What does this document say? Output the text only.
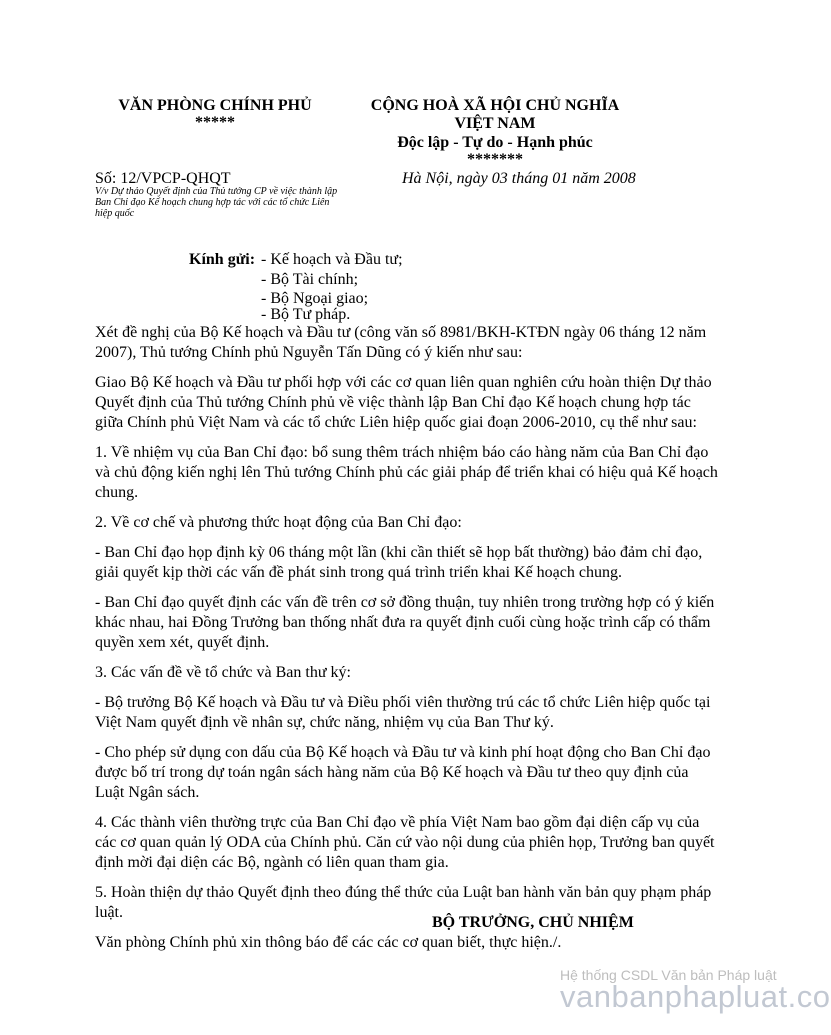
VĂN PHÒNG CHÍNH PHỦ
*****
CỘNG HOÀ XÃ HỘI CHỦ NGHĨA
VIỆT NAM
Độc lập - Tự do - Hạnh phúc
*******
Số: 12/VPCP-QHQT	Hà Nội, ngày 03 tháng 01 năm 2008
V/v Dự thảo Quyết định của Thủ tướng CP về việc thành lập Ban Chỉ đạo Kế hoạch chung hợp tác với các tổ chức Liên hiệp quốc
Kính gửi: - Kế hoạch và Đầu tư;
- Bộ Tài chính;
- Bộ Ngoại giao;
- Bộ Tư pháp.

Xét đề nghị của Bộ Kế hoạch và Đầu tư (công văn số 8981/BKH-KTĐN ngày 06 tháng 12 năm 2007), Thủ tướng Chính phủ Nguyễn Tấn Dũng có ý kiến như sau:

Giao Bộ Kế hoạch và Đầu tư phối hợp với các cơ quan liên quan nghiên cứu hoàn thiện Dự thảo Quyết định của Thủ tướng Chính phủ về việc thành lập Ban Chỉ đạo Kế hoạch chung hợp tác giữa Chính phủ Việt Nam và các tổ chức Liên hiệp quốc giai đoạn 2006-2010, cụ thể như sau:

1. Về nhiệm vụ của Ban Chỉ đạo: bổ sung thêm trách nhiệm báo cáo hàng năm của Ban Chỉ đạo và chủ động kiến nghị lên Thủ tướng Chính phủ các giải pháp để triển khai có hiệu quả Kế hoạch chung.

2. Về cơ chế và phương thức hoạt động của Ban Chỉ đạo:

- Ban Chỉ đạo họp định kỳ 06 tháng một lần (khi cần thiết sẽ họp bất thường) bảo đảm chỉ đạo, giải quyết kịp thời các vấn đề phát sinh trong quá trình triển khai Kế hoạch chung.

- Ban Chỉ đạo quyết định các vấn đề trên cơ sở đồng thuận, tuy nhiên trong trường hợp có ý kiến khác nhau, hai Đồng Trưởng ban thống nhất đưa ra quyết định cuối cùng hoặc trình cấp có thẩm quyền xem xét, quyết định.

3. Các vấn đề về tổ chức và Ban thư ký:

- Bộ trưởng Bộ Kế hoạch và Đầu tư và Điều phối viên thường trú các tổ chức Liên hiệp quốc tại Việt Nam quyết định về nhân sự, chức năng, nhiệm vụ của Ban Thư ký.

- Cho phép sử dụng con dấu của Bộ Kế hoạch và Đầu tư và kinh phí hoạt động cho Ban Chỉ đạo được bố trí trong dự toán ngân sách hàng năm của Bộ Kế hoạch và Đầu tư theo quy định của Luật Ngân sách.

4. Các thành viên thường trực của Ban Chỉ đạo về phía Việt Nam bao gồm đại diện cấp vụ của các cơ quan quản lý ODA của Chính phủ. Căn cứ vào nội dung của phiên họp, Trưởng ban quyết định mời đại diện các Bộ, ngành có liên quan tham gia.

5. Hoàn thiện dự thảo Quyết định theo đúng thể thức của Luật ban hành văn bản quy phạm pháp luật.

Văn phòng Chính phủ xin thông báo để các các cơ quan biết, thực hiện./.

BỘ TRƯỞNG, CHỦ NHIỆM
Hệ thống CSDL Văn bản Pháp luật
vanbanphapluat.co
